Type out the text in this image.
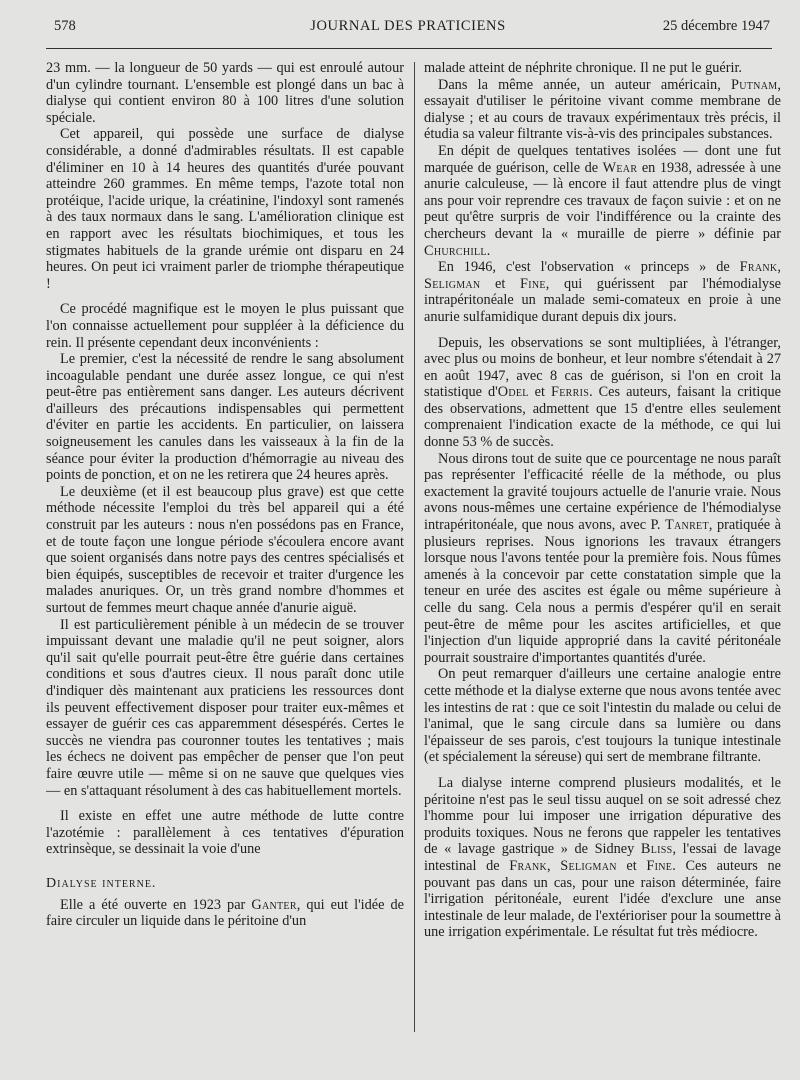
578	JOURNAL DES PRATICIENS	25 décembre 1947

23 mm. — la longueur de 50 yards — qui est enroulé autour d'un cylindre tournant. L'ensemble est plongé dans un bac à dialyse qui contient environ 80 à 100 litres d'une solution spéciale.

Cet appareil, qui possède une surface de dialyse considérable, a donné d'admirables résultats. Il est capable d'éliminer en 10 à 14 heures des quantités d'urée pouvant atteindre 260 grammes. En même temps, l'azote total non protéique, l'acide urique, la créatinine, l'indoxyl sont ramenés à des taux normaux dans le sang. L'amélioration clinique est en rapport avec les résultats biochimiques, et tous les stigmates habituels de la grande urémie ont disparu en 24 heures. On peut ici vraiment parler de triomphe thérapeutique !

Ce procédé magnifique est le moyen le plus puissant que l'on connaisse actuellement pour suppléer à la déficience du rein. Il présente cependant deux inconvénients :

Le premier, c'est la nécessité de rendre le sang absolument incoagulable pendant une durée assez longue, ce qui n'est peut-être pas entièrement sans danger. Les auteurs décrivent d'ailleurs des précautions indispensables qui permettent d'éviter en partie les accidents. En particulier, on laissera soigneusement les canules dans les vaisseaux à la fin de la séance pour éviter la production d'hémorragie au niveau des points de ponction, et on ne les retirera que 24 heures après.

Le deuxième (et il est beaucoup plus grave) est que cette méthode nécessite l'emploi du très bel appareil qui a été construit par les auteurs : nous n'en possédons pas en France, et de toute façon une longue période s'écoulera encore avant que soient organisés dans notre pays des centres spécialisés et bien équipés, susceptibles de recevoir et traiter d'urgence les malades anuriques. Or, un très grand nombre d'hommes et surtout de femmes meurt chaque année d'anurie aiguë.

Il est particulièrement pénible à un médecin de se trouver impuissant devant une maladie qu'il ne peut soigner, alors qu'il sait qu'elle pourrait peut-être être guérie dans certaines conditions et sous d'autres cieux. Il nous paraît donc utile d'indiquer dès maintenant aux praticiens les ressources dont ils peuvent effectivement disposer pour traiter eux-mêmes et essayer de guérir ces cas apparemment désespérés. Certes le succès ne viendra pas couronner toutes les tentatives ; mais les échecs ne doivent pas empêcher de penser que l'on peut faire œuvre utile — même si on ne sauve que quelques vies — en s'attaquant résolument à des cas habituellement mortels.

Il existe en effet une autre méthode de lutte contre l'azotémie : parallèlement à ces tentatives d'épuration extrinsèque, se dessinait la voie d'une

Dialyse interne.

Elle a été ouverte en 1923 par Ganter, qui eut l'idée de faire circuler un liquide dans le péritoine d'un

malade atteint de néphrite chronique. Il ne put le guérir.

Dans la même année, un auteur américain, Putnam, essayait d'utiliser le péritoine vivant comme membrane de dialyse ; et au cours de travaux expérimentaux très précis, il étudia sa valeur filtrante vis-à-vis des principales substances.

En dépit de quelques tentatives isolées — dont une fut marquée de guérison, celle de Wear en 1938, adressée à une anurie calculeuse, — là encore il faut attendre plus de vingt ans pour voir reprendre ces travaux de façon suivie : et on ne peut qu'être surpris de voir l'indifférence ou la crainte des chercheurs devant la « muraille de pierre » définie par Churchill.

En 1946, c'est l'observation « princeps » de Frank, Seligman et Fine, qui guérissent par l'hémodialyse intrapéritonéale un malade semi-comateux en proie à une anurie sulfamidique durant depuis dix jours.

Depuis, les observations se sont multipliées, à l'étranger, avec plus ou moins de bonheur, et leur nombre s'étendait à 27 en août 1947, avec 8 cas de guérison, si l'on en croit la statistique d'Odel et Ferris. Ces auteurs, faisant la critique des observations, admettent que 15 d'entre elles seulement comprenaient l'indication exacte de la méthode, ce qui lui donne 53 % de succès.

Nous dirons tout de suite que ce pourcentage ne nous paraît pas représenter l'efficacité réelle de la méthode, ou plus exactement la gravité toujours actuelle de l'anurie vraie. Nous avons nous-mêmes une certaine expérience de l'hémodialyse intrapéritonéale, que nous avons, avec P. Tanret, pratiquée à plusieurs reprises. Nous ignorions les travaux étrangers lorsque nous l'avons tentée pour la première fois. Nous fûmes amenés à la concevoir par cette constatation simple que la teneur en urée des ascites est égale ou même supérieure à celle du sang. Cela nous a permis d'espérer qu'il en serait peut-être de même pour les ascites artificielles, et que l'injection d'un liquide approprié dans la cavité péritonéale pourrait soustraire d'importantes quantités d'urée.

On peut remarquer d'ailleurs une certaine analogie entre cette méthode et la dialyse externe que nous avons tentée avec les intestins de rat : que ce soit l'intestin du malade ou celui de l'animal, que le sang circule dans sa lumière ou dans l'épaisseur de ses parois, c'est toujours la tunique intestinale (et spécialement la séreuse) qui sert de membrane filtrante.

La dialyse interne comprend plusieurs modalités, et le péritoine n'est pas le seul tissu auquel on se soit adressé chez l'homme pour lui imposer une irrigation dépurative des produits toxiques. Nous ne ferons que rappeler les tentatives de « lavage gastrique » de Sidney Bliss, l'essai de lavage intestinal de Frank, Seligman et Fine. Ces auteurs ne pouvant pas dans un cas, pour une raison déterminée, faire l'irrigation péritonéale, eurent l'idée d'exclure une anse intestinale de leur malade, de l'extérioriser pour la soumettre à une irrigation expérimentale. Le résultat fut très médiocre.
